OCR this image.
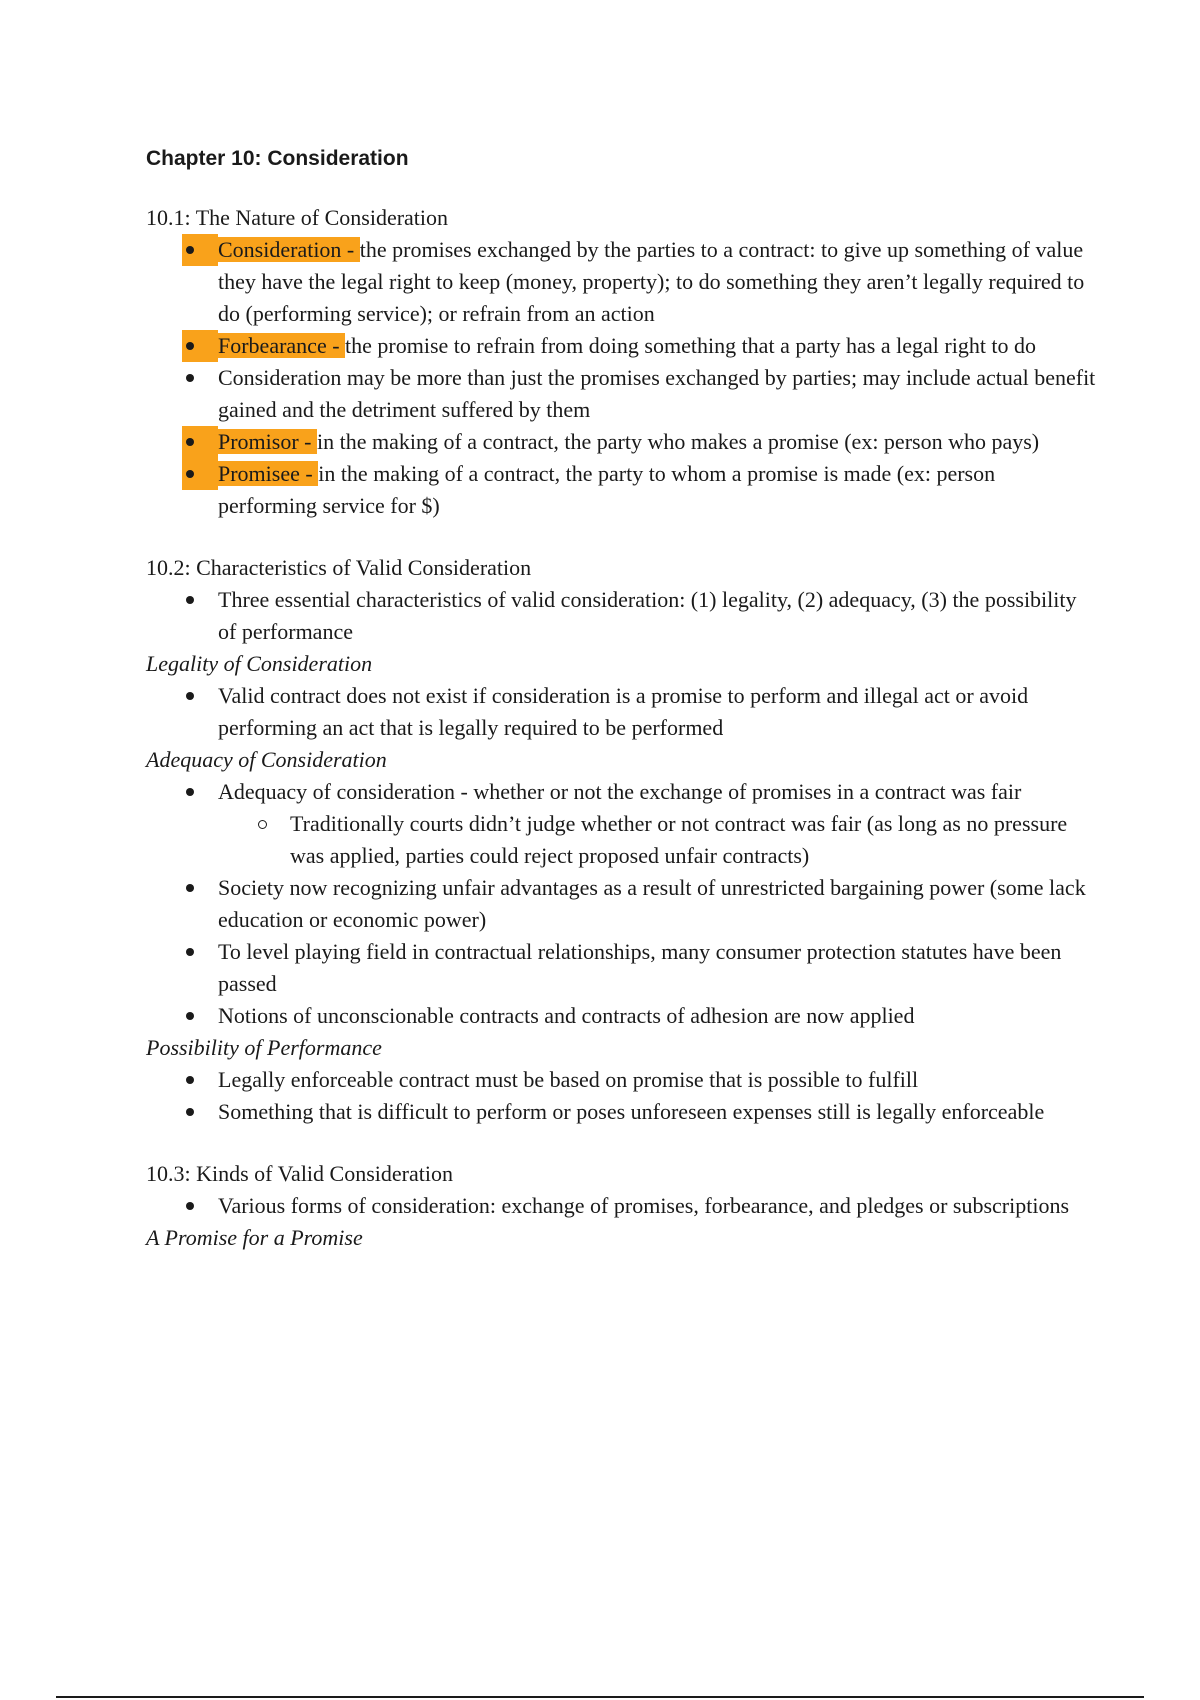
Chapter 10: Consideration
10.1: The Nature of Consideration
Consideration - the promises exchanged by the parties to a contract: to give up something of value they have the legal right to keep (money, property); to do something they aren’t legally required to do (performing service); or refrain from an action
Forbearance - the promise to refrain from doing something that a party has a legal right to do
Consideration may be more than just the promises exchanged by parties; may include actual benefit gained and the detriment suffered by them
Promisor - in the making of a contract, the party who makes a promise (ex: person who pays)
Promisee - in the making of a contract, the party to whom a promise is made (ex: person performing service for $)
10.2: Characteristics of Valid Consideration
Three essential characteristics of valid consideration: (1) legality, (2) adequacy, (3) the possibility of performance
Legality of Consideration
Valid contract does not exist if consideration is a promise to perform and illegal act or avoid performing an act that is legally required to be performed
Adequacy of Consideration
Adequacy of consideration - whether or not the exchange of promises in a contract was fair
Traditionally courts didn’t judge whether or not contract was fair (as long as no pressure was applied, parties could reject proposed unfair contracts)
Society now recognizing unfair advantages as a result of unrestricted bargaining power (some lack education or economic power)
To level playing field in contractual relationships, many consumer protection statutes have been passed
Notions of unconscionable contracts and contracts of adhesion are now applied
Possibility of Performance
Legally enforceable contract must be based on promise that is possible to fulfill
Something that is difficult to perform or poses unforeseen expenses still is legally enforceable
10.3: Kinds of Valid Consideration
Various forms of consideration: exchange of promises, forbearance, and pledges or subscriptions
A Promise for a Promise
